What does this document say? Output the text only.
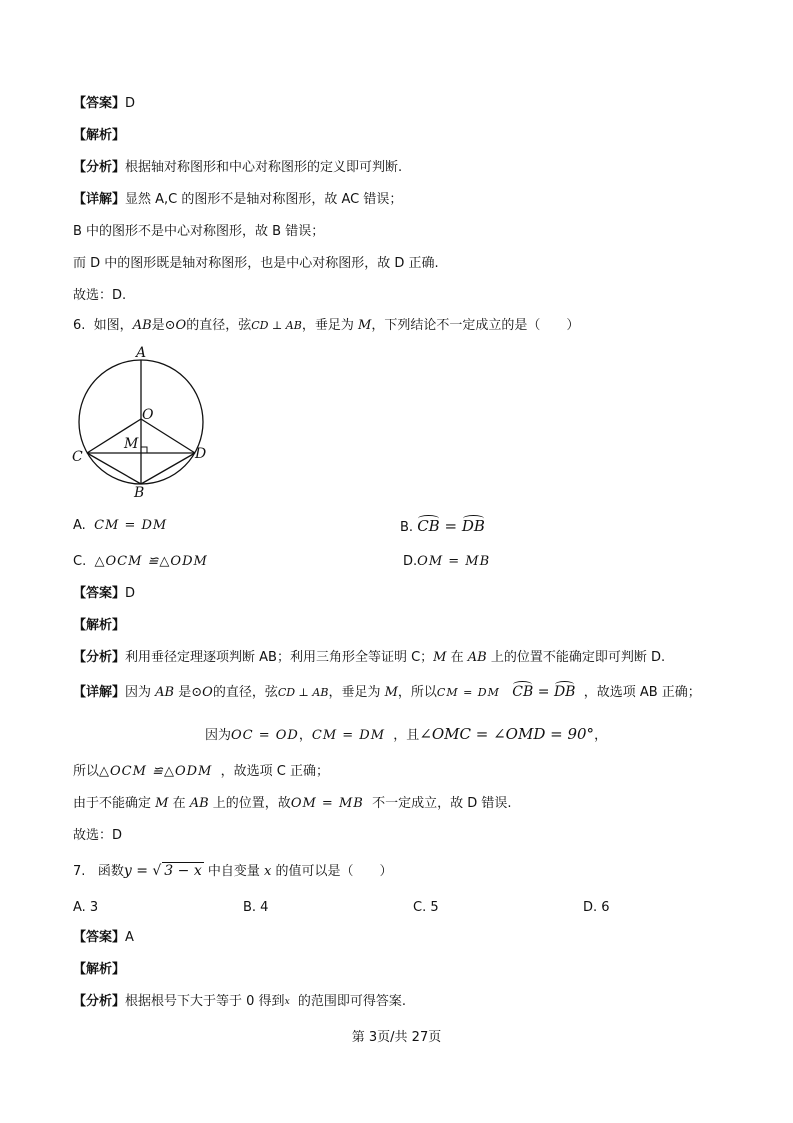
【答案】D
【解析】
【分析】根据轴对称图形和中心对称图形的定义即可判断.
【详解】显然 A,C 的图形不是轴对称图形，故 AC 错误；
B 中的图形不是中心对称图形，故 B 错误；
而 D 中的图形既是轴对称图形，也是中心对称图形，故 D 正确.
故选：D.
6. 如图，AB是⊙O的直径，弦CD ⊥ AB，垂足为 M，下列结论不一定成立的是（　　）
A
O
M
C	D
B
A. CM = DM	B. CB = DB
C. △OCM ≌△ODM	D.OM = MB
【答案】D
【解析】
【分析】利用垂径定理逐项判断 AB；利用三角形全等证明 C；M 在 AB 上的位置不能确定即可判断 D.
【详解】因为 AB 是⊙O的直径，弦CD ⊥ AB，垂足为 M，所以CM = DM CB = DB ，故选项 AB 正确；
因为OC = OD，CM = DM ，且∠OMC = ∠OMD = 90°，
所以△OCM ≌△ODM ，故选项 C 正确；
由于不能确定 M 在 AB 上的位置，故OM = MB  不一定成立，故 D 错误.
故选：D
7. 函数y = √ 3 − x 中自变量 x 的值可以是（　　）
A. 3	B. 4	C. 5	D. 6
【答案】A
【解析】
【分析】根据根号下大于等于 0 得到$^x$ 的范围即可得答案.
第 3页/共 27页
